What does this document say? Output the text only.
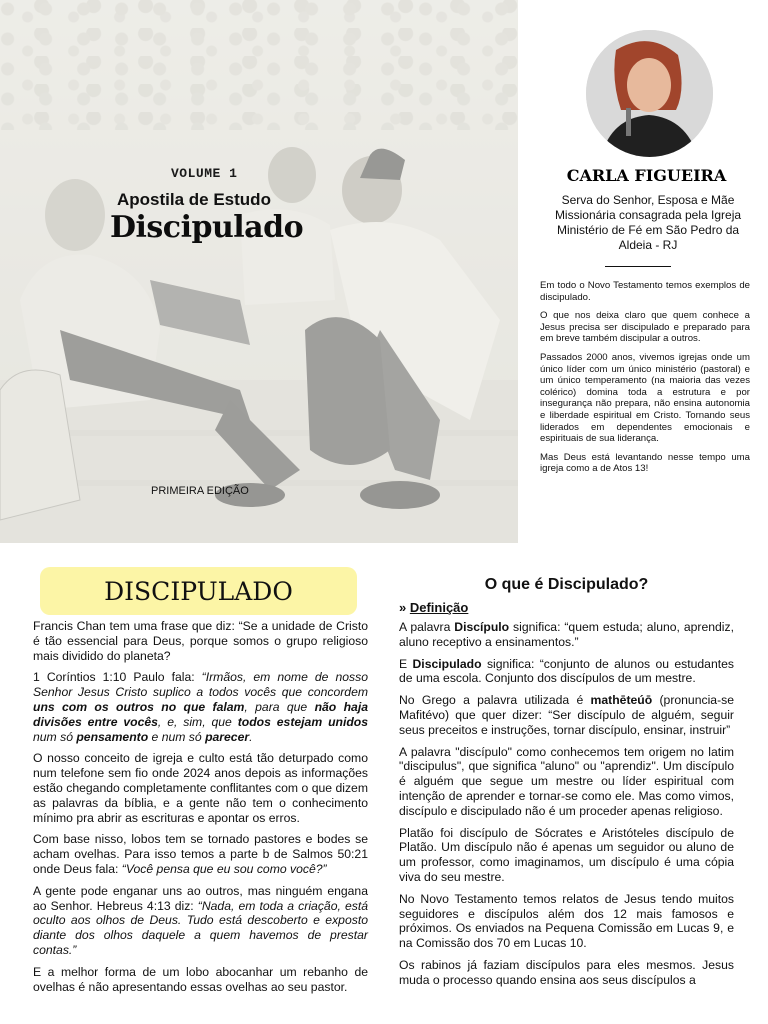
VOLUME 1
Apostila de Estudo
Discipulado
PRIMEIRA EDIÇÃO
CARLA FIGUEIRA
Serva do Senhor, Esposa e Mãe Missionária consagrada pela Igreja Ministério de Fé em São Pedro da Aldeia - RJ

Em todo o Novo Testamento temos exemplos de discipulado.

O que nos deixa claro que quem conhece a Jesus precisa ser discipulado e preparado para em breve também discipular a outros.

Passados 2000 anos, vivemos igrejas onde um único líder com um único ministério (pastoral) e um único temperamento (na maioria das vezes colérico) domina toda a estrutura e por insegurança não prepara, não ensina autonomia e liberdade espiritual em Cristo. Tornando seus liderados em dependentes emocionais e espirituais de sua liderança.

Mas Deus está levantando nesse tempo uma igreja como a de Atos 13!

DISCIPULADO

Francis Chan tem uma frase que diz: “Se a unidade de Cristo é tão essencial para Deus, porque somos o grupo religioso mais dividido do planeta?

1 Coríntios 1:10 Paulo fala: “Irmãos, em nome de nosso Senhor Jesus Cristo suplico a todos vocês que concordem uns com os outros no que falam, para que não haja divisões entre vocês, e, sim, que todos estejam unidos num só pensamento e num só parecer.

O nosso conceito de igreja e culto está tão deturpado como num telefone sem fio onde 2024 anos depois as informações estão chegando completamente conflitantes com o que dizem as palavras da bíblia, e a gente não tem o conhecimento mínimo pra abrir as escrituras e apontar os erros.

Com base nisso, lobos tem se tornado pastores e bodes se acham ovelhas. Para isso temos a parte b de Salmos 50:21 onde Deus fala: “Você pensa que eu sou como você?”

A gente pode enganar uns ao outros, mas ninguém engana ao Senhor. Hebreus 4:13 diz: “Nada, em toda a criação, está oculto aos olhos de Deus. Tudo está descoberto e exposto diante dos olhos daquele a quem havemos de prestar contas.”

E a melhor forma de um lobo abocanhar um rebanho de ovelhas é não apresentando essas ovelhas ao seu pastor.

O que é Discipulado?
» Definição

A palavra Discípulo significa: “quem estuda; aluno, aprendiz, aluno receptivo a ensinamentos.”

E Discipulado significa: “conjunto de alunos ou estudantes de uma escola. Conjunto dos discípulos de um mestre.

No Grego a palavra utilizada é mathēteúō (pronuncia-se Mafitévo) que quer dizer: “Ser discípulo de alguém, seguir seus preceitos e instruções, tornar discípulo, ensinar, instruir”

A palavra "discípulo" como conhecemos tem origem no latim "discipulus", que significa "aluno" ou "aprendiz". Um discípulo é alguém que segue um mestre ou líder espiritual com intenção de aprender e tornar-se como ele. Mas como vimos, discípulo e discipulado não é um proceder apenas religioso.

Platão foi discípulo de Sócrates e Aristóteles discípulo de Platão. Um discípulo não é apenas um seguidor ou aluno de um professor, como imaginamos, um discípulo é uma cópia viva do seu mestre.

No Novo Testamento temos relatos de Jesus tendo muitos seguidores e discípulos além dos 12 mais famosos e próximos. Os enviados na Pequena Comissão em Lucas 9, e na Comissão dos 70 em Lucas 10.

Os rabinos já faziam discípulos para eles mesmos. Jesus muda o processo quando ensina aos seus discípulos a
